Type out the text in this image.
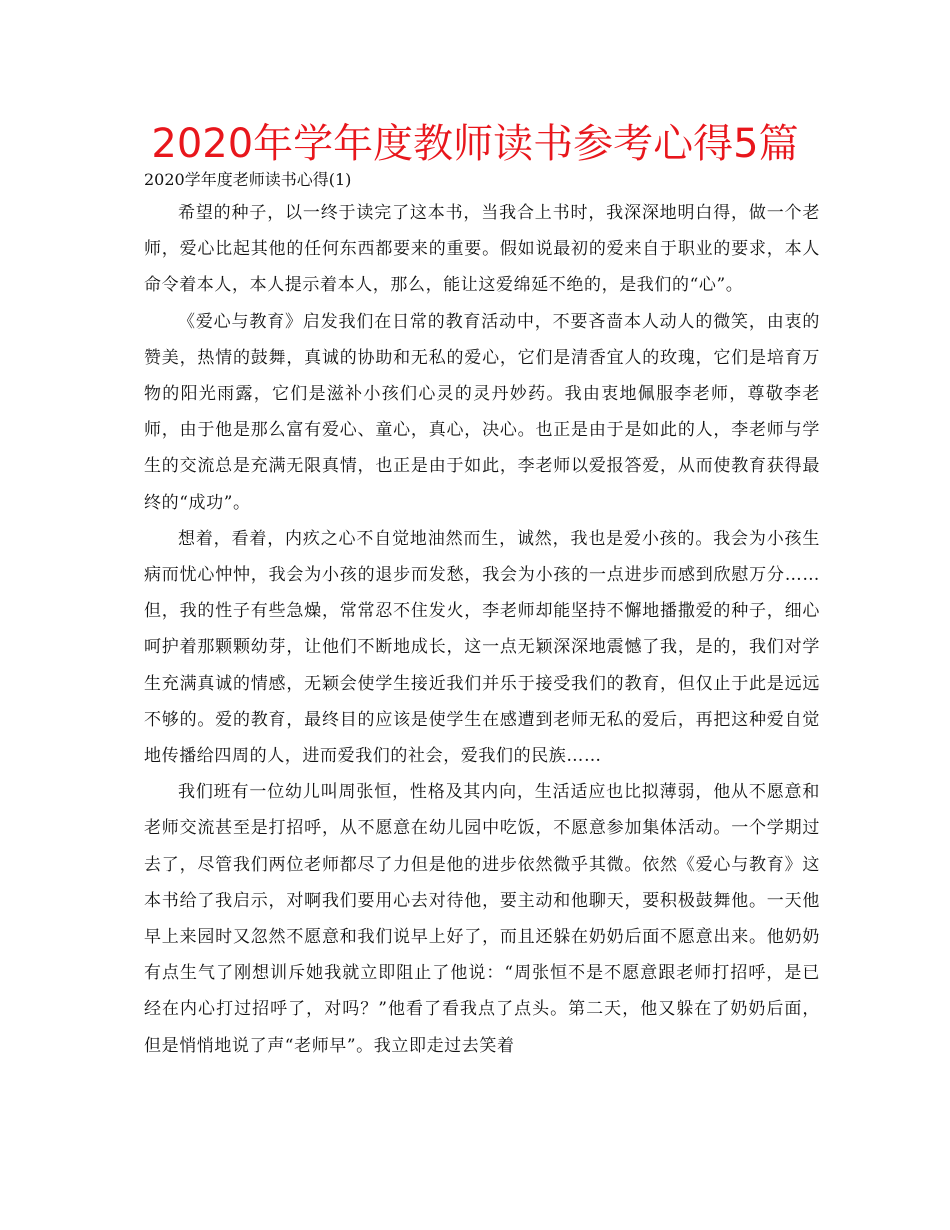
2020年学年度教师读书参考心得5篇

2020学年度老师读书心得(1)

希望的种子，以一终于读完了这本书，当我合上书时，我深深地明白得，做一个老师，爱心比起其他的任何东西都要来的重要。假如说最初的爱来自于职业的要求，本人命令着本人，本人提示着本人，那么，能让这爱绵延不绝的，是我们的“心”。

《爱心与教育》启发我们在日常的教育活动中，不要吝啬本人动人的微笑，由衷的赞美，热情的鼓舞，真诚的协助和无私的爱心，它们是清香宜人的玫瑰，它们是培育万物的阳光雨露，它们是滋补小孩们心灵的灵丹妙药。我由衷地佩服李老师，尊敬李老师，由于他是那么富有爱心、童心，真心，决心。也正是由于是如此的人，李老师与学生的交流总是充满无限真情，也正是由于如此，李老师以爱报答爱，从而使教育获得最终的“成功”。

想着，看着，内疚之心不自觉地油然而生，诚然，我也是爱小孩的。我会为小孩生病而忧心忡忡，我会为小孩的退步而发愁，我会为小孩的一点进步而感到欣慰万分……但，我的性子有些急燥，常常忍不住发火，李老师却能坚持不懈地播撒爱的种子，细心呵护着那颗颗幼芽，让他们不断地成长，这一点无颖深深地震憾了我，是的，我们对学生充满真诚的情感，无颖会使学生接近我们并乐于接受我们的教育，但仅止于此是远远不够的。爱的教育，最终目的应该是使学生在感遭到老师无私的爱后，再把这种爱自觉地传播给四周的人，进而爱我们的社会，爱我们的民族……

我们班有一位幼儿叫周张恒，性格及其内向，生活适应也比拟薄弱，他从不愿意和老师交流甚至是打招呼，从不愿意在幼儿园中吃饭，不愿意参加集体活动。一个学期过去了，尽管我们两位老师都尽了力但是他的进步依然微乎其微。依然《爱心与教育》这本书给了我启示，对啊我们要用心去对待他，要主动和他聊天，要积极鼓舞他。一天他早上来园时又忽然不愿意和我们说早上好了，而且还躲在奶奶后面不愿意出来。他奶奶有点生气了刚想训斥她我就立即阻止了他说：“周张恒不是不愿意跟老师打招呼，是已经在内心打过招呼了，对吗？”他看了看我点了点头。第二天，他又躲在了奶奶后面，但是悄悄地说了声“老师早”。我立即走过去笑着
